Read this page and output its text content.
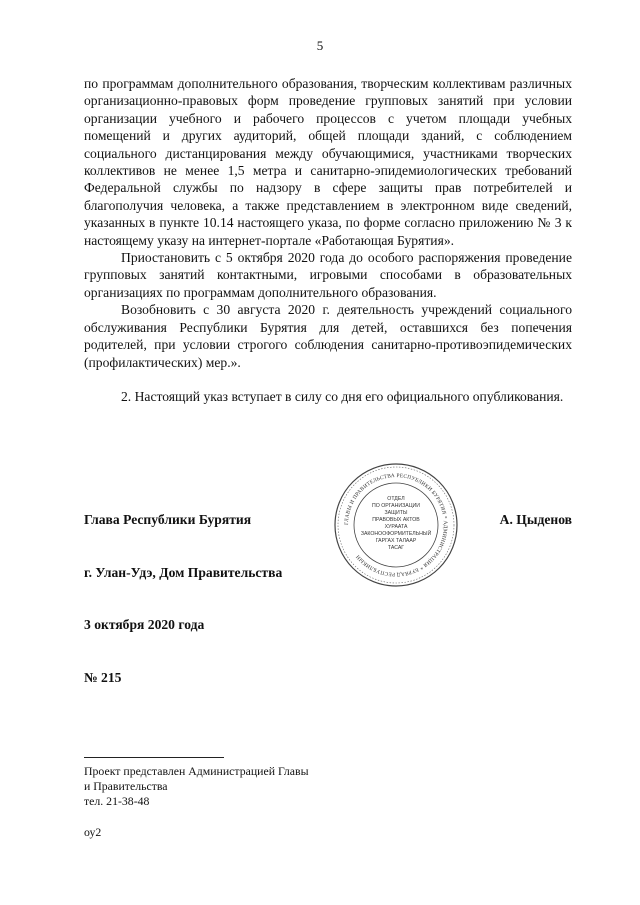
5

по программам дополнительного образования, творческим коллективам различных организационно-правовых форм проведение групповых занятий при условии организации учебного и рабочего процессов с учетом площади учебных помещений и других аудиторий, общей площади зданий, с соблюдением социального дистанцирования между обучающимися, участниками творческих коллективов не менее 1,5 метра и санитарно-эпидемиологических требований Федеральной службы по надзору в сфере защиты прав потребителей и благополучия человека, а также представлением в электронном виде сведений, указанных в пункте 10.14 настоящего указа, по форме согласно приложению № 3 к настоящему указу на интернет-портале «Работающая Бурятия».

Приостановить с 5 октября 2020 года до особого распоряжения проведение групповых занятий контактными, игровыми способами в образовательных организациях по программам дополнительного образования.

Возобновить с 30 августа 2020 г. деятельность учреждений социального обслуживания Республики Бурятия для детей, оставшихся без попечения родителей, при условии строгого соблюдения санитарно-противоэпидемических (профилактических) мер.».

2. Настоящий указ вступает в силу со дня его официального опубликования.

Глава Республики Бурятия	А. Цыденов
ГЛАВЫ И ПРАВИТЕЛЬСТВА РЕСПУБЛИКИ БУРЯТИЯ * АДМИНИСТРАЦИЯ * БУРЯАД РЕСПУБЛИКЫН
ОТДЕЛ
ПО ОРГАНИЗАЦИИ
ЗАЩИТЫ
ПРАВОВЫХ АКТОВ
ХУРААТА
ЗАКОНООФОРМИТЕЛЬНЫЙ
ГАРГАХ ТАЛААР
ТАСАГ
г. Улан-Удэ, Дом Правительства
3 октября 2020 года
№ 215
Проект представлен Администрацией Главы
и Правительства
тел. 21-38-48
оу2
